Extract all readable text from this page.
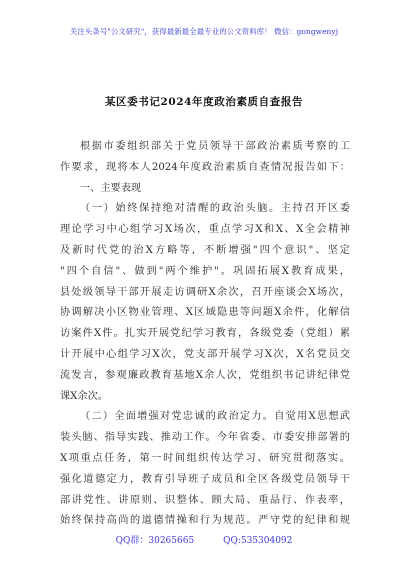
关注头条号"公文研究"，获得最新最全最专业的公文资料库！ 微信：gongwenyj
某区委书记2024年度政治素质自查报告
根据市委组织部关于党员领导干部政治素质考察的工
作要求，现将本人2024年度政治素质自查情况报告如下：
一、主要表现
（一）始终保持绝对清醒的政治头脑。主持召开区委
理论学习中心组学习X场次，重点学习X和X、X全会精神
及新时代党的治X方略等，不断增强"四个意识"、坚定
"四个自信"、做到"两个维护"。巩固拓展X教育成果，
县处级领导干部开展走访调研X余次，召开座谈会X场次，
协调解决小区物业管理、X区域隐患等问题X余件，化解信
访案件X件。扎实开展党纪学习教育，各级党委（党组）累
计开展中心组学习X次，党支部开展学习X次，X名党员交
流发言，参观廉政教育基地X余人次，党组织书记讲纪律党
课X余次。
（二）全面增强对党忠诚的政治定力。自觉用X思想武
装头脑、指导实践、推动工作。今年省委、市委安排部署的
X项重点任务，第一时间组织传达学习、研究贯彻落实。
强化道德定力，教育引导班子成员和全区各级党员领导干
部讲党性、讲原则、识整体、顾大局、重品行、作表率，
始终保持高尚的道德情操和行为规范。严守党的纪律和规
QQ群：30265665	QQ:535304092
